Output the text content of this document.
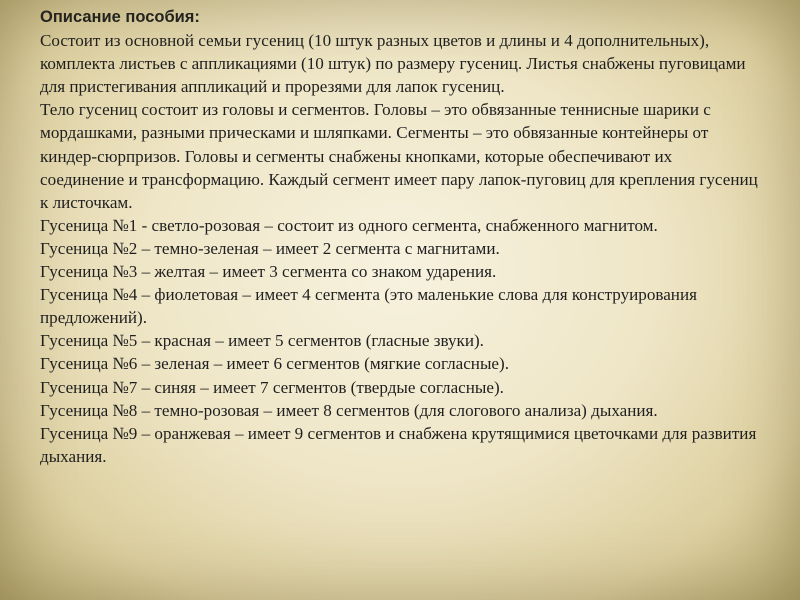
Описание пособия:

Состоит из основной семьи гусениц (10 штук разных цветов и длины и 4 дополнительных), комплекта листьев с аппликациями (10 штук) по размеру гусениц. Листья снабжены пуговицами для пристегивания аппликаций и прорезями для лапок гусениц.

Тело гусениц состоит из головы и сегментов. Головы – это обвязанные теннисные шарики с мордашками, разными прическами и шляпками. Сегменты – это обвязанные контейнеры от киндер-сюрпризов. Головы и сегменты снабжены кнопками, которые обеспечивают их соединение и трансформацию. Каждый сегмент имеет пару лапок-пуговиц для крепления гусениц к листочкам.

Гусеница №1 - светло-розовая – состоит из одного сегмента, снабженного магнитом.

Гусеница №2 – темно-зеленая – имеет 2 сегмента с магнитами.

Гусеница №3 – желтая – имеет 3 сегмента со знаком ударения.

Гусеница №4 – фиолетовая – имеет 4 сегмента (это маленькие слова для конструирования предложений).

Гусеница №5 – красная – имеет 5 сегментов (гласные звуки).

Гусеница №6 – зеленая – имеет 6 сегментов (мягкие согласные).

Гусеница №7 – синяя – имеет 7 сегментов (твердые согласные).

Гусеница №8 – темно-розовая – имеет 8 сегментов (для слогового анализа) дыхания.

Гусеница №9 – оранжевая – имеет 9 сегментов и снабжена крутящимися цветочками для развития дыхания.
